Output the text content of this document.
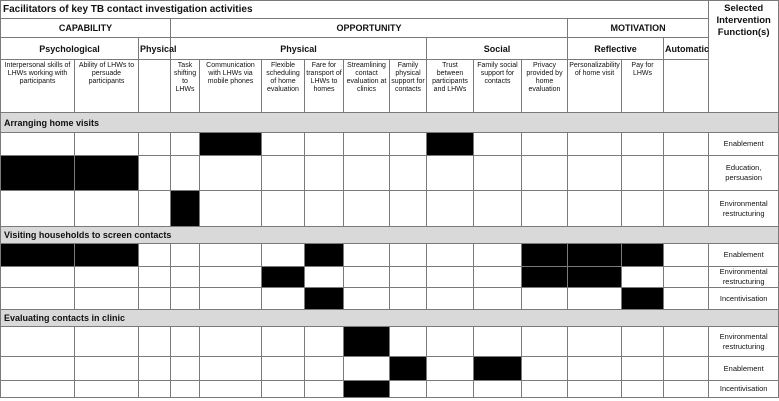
Facilitators of key TB contact investigation activities															Selected Intervention Function(s)
CAPABILITY			OPPORTUNITY									MOTIVATION			
Psychological		Physical	Physical						Social			Reflective		Automatic	
Interpersonal skills of LHWs working with participants	Ability of LHWs to persuade participants		Task shifting to LHWs	Communication with LHWs via mobile phones	Flexible scheduling of home evaluation	Fare for transport of LHWs to homes	Streamlining contact evaluation at clinics	Family physical support for contacts	Trust between participants and LHWs	Family social support for contacts	Privacy provided by home evaluation	Personalizability of home visit	Pay for LHWs		
Arranging home visits															
															Enablement
															Education, persuasion
															Environmental restructuring
Visiting households to screen contacts															
															Enablement
															Environmental restructuring
															Incentivisation
Evaluating contacts in clinic															
															Environmental restructuring
															Enablement
															Incentivisation
